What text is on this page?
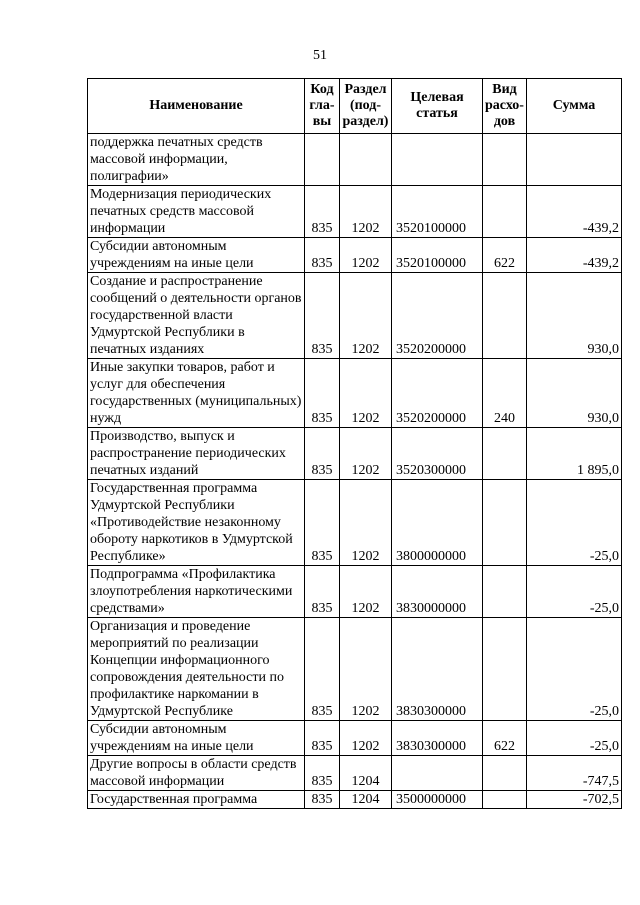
51
Наименование	Код гла-вы	Раздел (под-раздел)	Целевая статья	Вид расхо-дов	Сумма
поддержка печатных средств массовой информации, полиграфии»					
Модернизация периодических печатных средств массовой информации	835	1202	3520100000		-439,2
Субсидии автономным учреждениям на иные цели	835	1202	3520100000	622	-439,2
Создание и распространение сообщений о деятельности органов государственной власти Удмуртской Республики в печатных изданиях	835	1202	3520200000		930,0
Иные закупки товаров, работ и услуг для обеспечения государственных (муниципальных) нужд	835	1202	3520200000	240	930,0
Производство, выпуск и распространение периодических печатных изданий	835	1202	3520300000		1 895,0
Государственная программа Удмуртской Республики «Противодействие незаконному обороту наркотиков в Удмуртской Республике»	835	1202	3800000000		-25,0
Подпрограмма «Профилактика злоупотребления наркотическими средствами»	835	1202	3830000000		-25,0
Организация и проведение мероприятий по реализации Концепции информационного сопровождения деятельности по профилактике наркомании в Удмуртской Республике	835	1202	3830300000		-25,0
Субсидии автономным учреждениям на иные цели	835	1202	3830300000	622	-25,0
Другие вопросы в области средств массовой информации	835	1204			-747,5
Государственная программа	835	1204	3500000000		-702,5
